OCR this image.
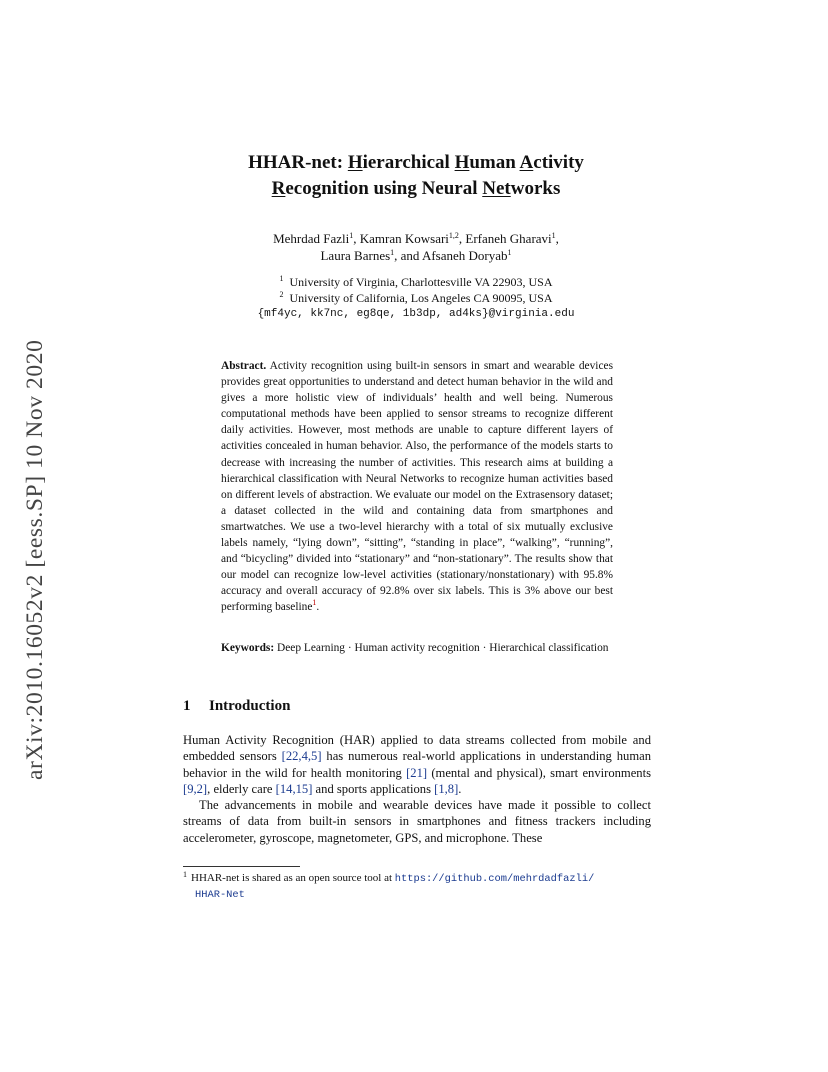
arXiv:2010.16052v2 [eess.SP] 10 Nov 2020
HHAR-net: Hierarchical Human Activity
Recognition using Neural Networks
Mehrdad Fazli$^1$, Kamran Kowsari$^{1,2}$, Erfaneh Gharavi$^1$,
Laura Barnes$^1$, and Afsaneh Doryab$^1$
$^1$ University of Virginia, Charlottesville VA 22903, USA
$^2$ University of California, Los Angeles CA 90095, USA
{mf4yc, kk7nc, eg8qe, 1b3dp, ad4ks}@virginia.edu
Abstract. Activity recognition using built-in sensors in smart and wearable devices provides great opportunities to understand and detect human behavior in the wild and gives a more holistic view of individuals’ health and well being. Numerous computational methods have been applied to sensor streams to recognize different daily activities. However, most methods are unable to capture different layers of activities concealed in human behavior. Also, the performance of the models starts to decrease with increasing the number of activities. This research aims at building a hierarchical classification with Neural Networks to recognize human activities based on different levels of abstraction. We evaluate our model on the Extrasensory dataset; a dataset collected in the wild and containing data from smartphones and smartwatches. We use a two-level hierarchy with a total of six mutually exclusive labels namely, “lying down”, “sitting”, “standing in place”, “walking”, “running”, and “bicycling” divided into “stationary” and “non-stationary”. The results show that our model can recognize low-level activities (stationary/nonstationary) with 95.8% accuracy and overall accuracy of 92.8% over six labels. This is 3% above our best performing baseline$^1$.
Keywords: Deep Learning · Human activity recognition · Hierarchical classification
1 Introduction

Human Activity Recognition (HAR) applied to data streams collected from mobile and embedded sensors [22,4,5] has numerous real-world applications in understanding human behavior in the wild for health monitoring [21] (mental and physical), smart environments [9,2], elderly care [14,15] and sports applications [1,8].

The advancements in mobile and wearable devices have made it possible to collect streams of data from built-in sensors in smartphones and fitness trackers including accelerometer, gyroscope, magnetometer, GPS, and microphone. These

$^1$ HHAR-net is shared as an open source tool at https://github.com/mehrdadfazli/
HHAR-Net
